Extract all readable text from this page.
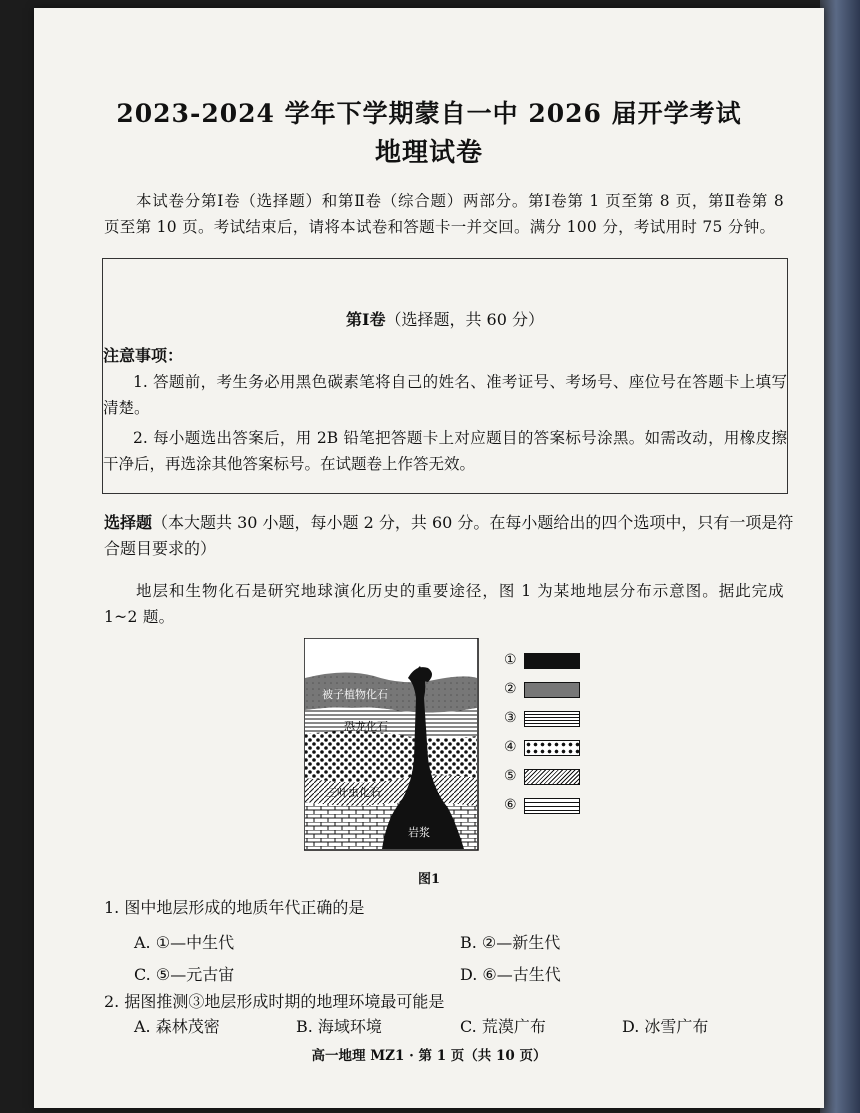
2023-2024 学年下学期蒙自一中 2026 届开学考试
地理试卷
本试卷分第Ⅰ卷（选择题）和第Ⅱ卷（综合题）两部分。第Ⅰ卷第 1 页至第 8 页，第Ⅱ卷第 8 页至第 10 页。考试结束后，请将本试卷和答题卡一并交回。满分 100 分，考试用时 75 分钟。
第Ⅰ卷（选择题，共 60 分）
注意事项：
1. 答题前，考生务必用黑色碳素笔将自己的姓名、准考证号、考场号、座位号在答题卡上填写清楚。
2. 每小题选出答案后，用 2B 铅笔把答题卡上对应题目的答案标号涂黑。如需改动，用橡皮擦干净后，再选涂其他答案标号。在试题卷上作答无效。
选择题（本大题共 30 小题，每小题 2 分，共 60 分。在每小题给出的四个选项中，只有一项是符合题目要求的）
地层和生物化石是研究地球演化历史的重要途径，图 1 为某地地层分布示意图。据此完成 1~2 题。
被子植物化石
恐龙化石
三叶虫化石
岩浆
①
②
③
④
⑤
⑥
图1
1. 图中地层形成的地质年代正确的是
A. ①—中生代	B. ②—新生代
C. ⑤—元古宙	D. ⑥—古生代
2. 据图推测③地层形成时期的地理环境最可能是
A. 森林茂密	B. 海域环境	C. 荒漠广布	D. 冰雪广布
高一地理 MZ1 · 第 1 页（共 10 页）
